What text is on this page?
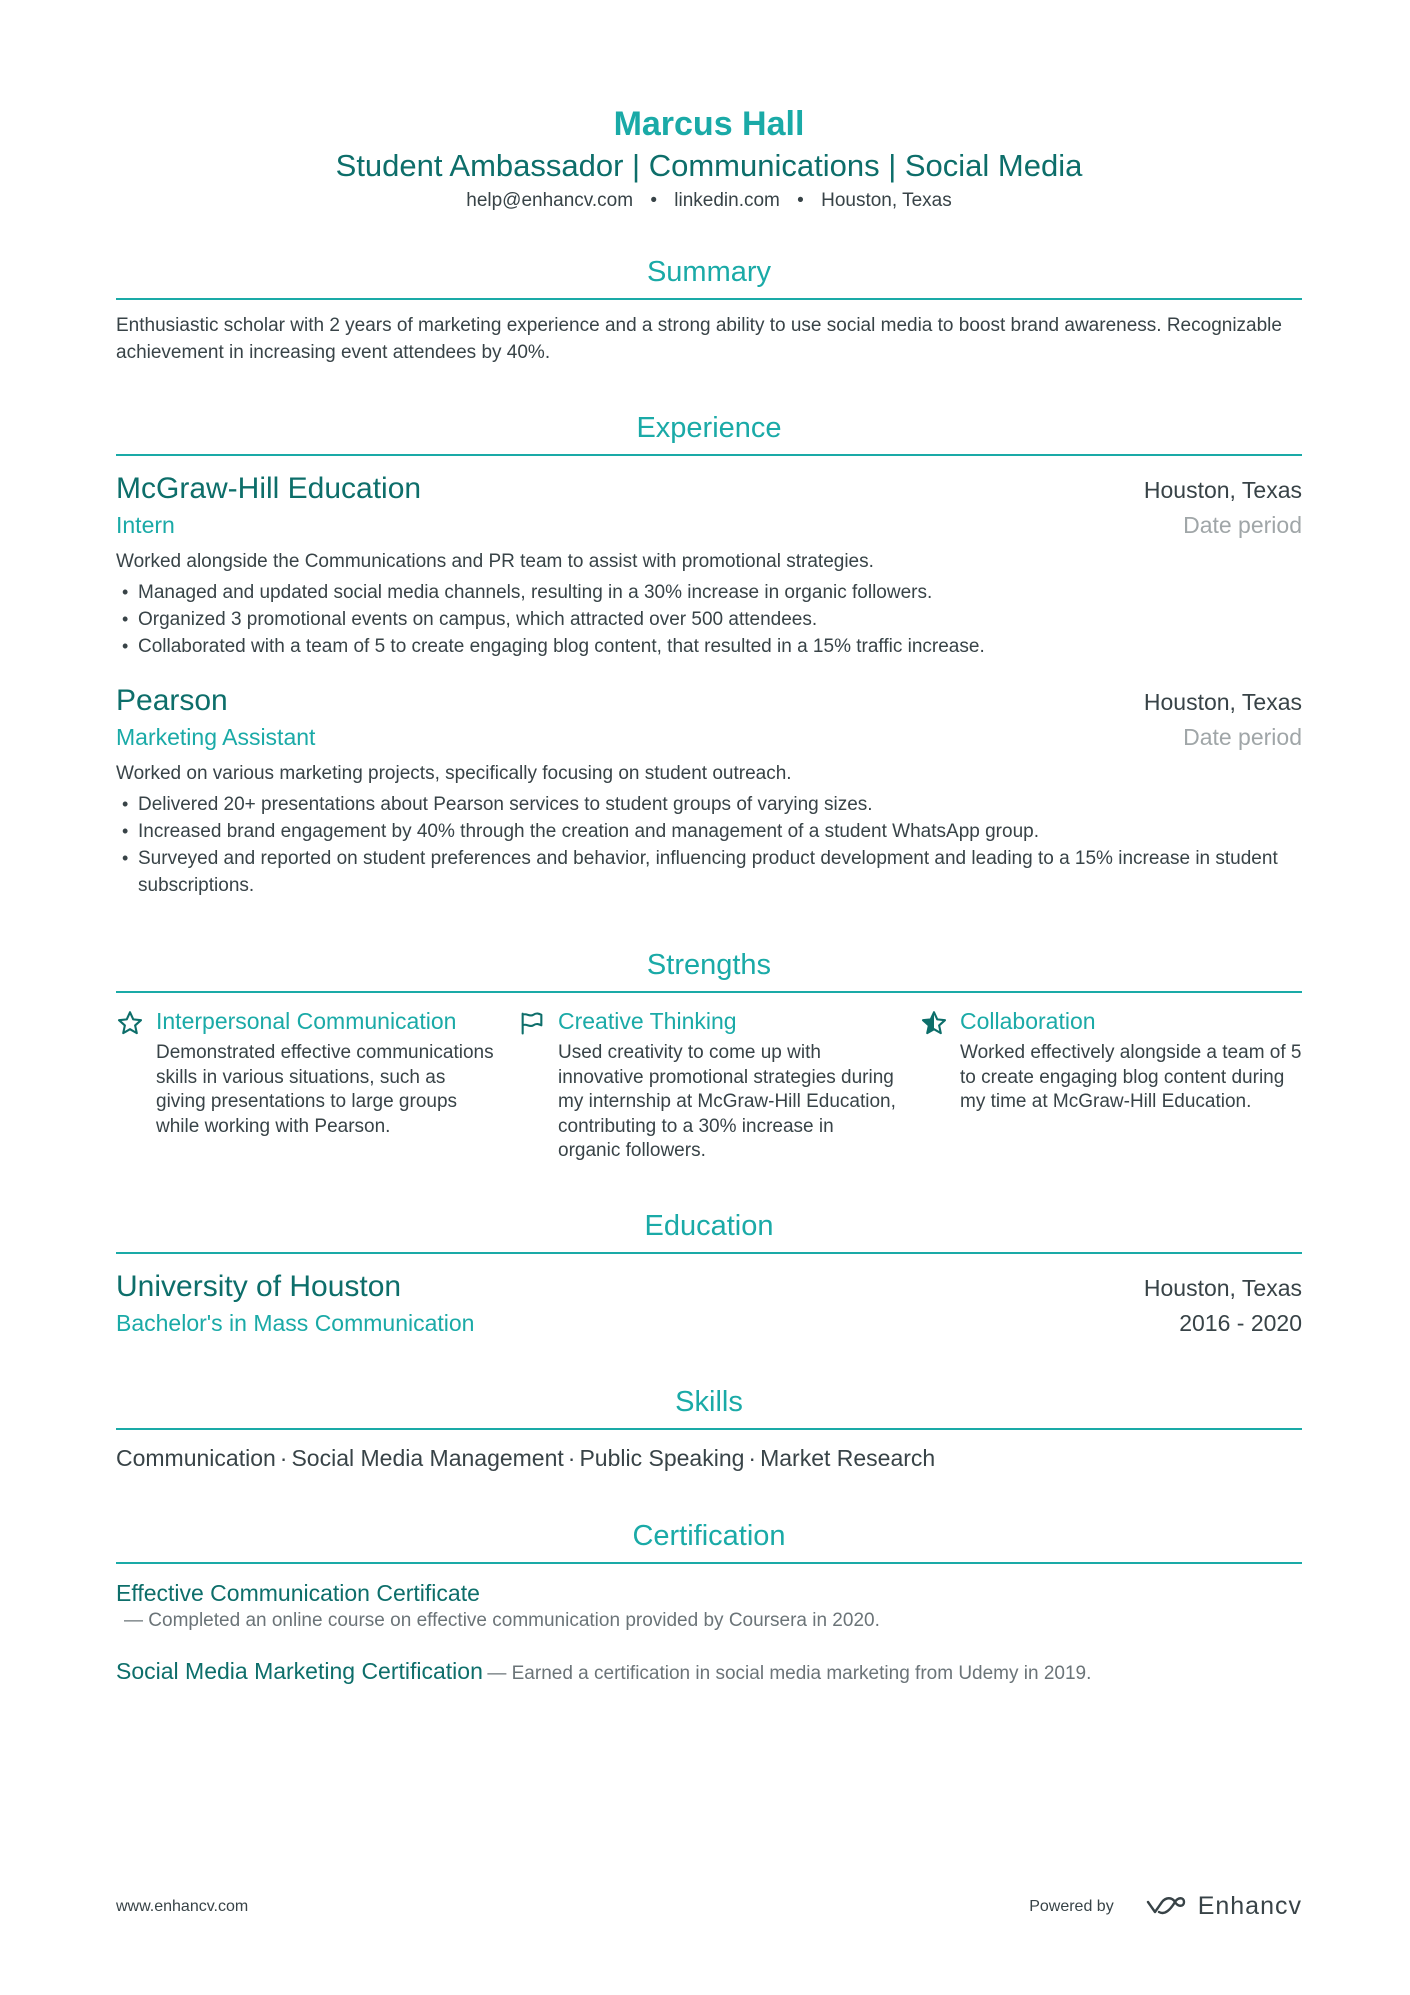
Marcus Hall
Student Ambassador | Communications | Social Media
help@enhancv.com • linkedin.com • Houston, Texas
Summary
Enthusiastic scholar with 2 years of marketing experience and a strong ability to use social media to boost brand awareness. Recognizable achievement in increasing event attendees by 40%.
Experience
McGraw-Hill Education	Houston, Texas
Intern	Date period
Worked alongside the Communications and PR team to assist with promotional strategies.
• Managed and updated social media channels, resulting in a 30% increase in organic followers.
• Organized 3 promotional events on campus, which attracted over 500 attendees.
• Collaborated with a team of 5 to create engaging blog content, that resulted in a 15% traffic increase.
Pearson	Houston, Texas
Marketing Assistant	Date period
Worked on various marketing projects, specifically focusing on student outreach.
• Delivered 20+ presentations about Pearson services to student groups of varying sizes.
• Increased brand engagement by 40% through the creation and management of a student WhatsApp group.
• Surveyed and reported on student preferences and behavior, influencing product development and leading to a 15% increase in student subscriptions.
Strengths
Interpersonal Communication
Demonstrated effective communications skills in various situations, such as giving presentations to large groups while working with Pearson.
Creative Thinking
Used creativity to come up with innovative promotional strategies during my internship at McGraw-Hill Education, contributing to a 30% increase in organic followers.
Collaboration
Worked effectively alongside a team of 5 to create engaging blog content during my time at McGraw-Hill Education.
Education
University of Houston	Houston, Texas
Bachelor's in Mass Communication	2016 - 2020
Skills
Communication · Social Media Management · Public Speaking · Market Research
Certification
Effective Communication Certificate
— Completed an online course on effective communication provided by Coursera in 2020.
Social Media Marketing Certification — Earned a certification in social media marketing from Udemy in 2019.
www.enhancv.com	Powered by	Enhancv
